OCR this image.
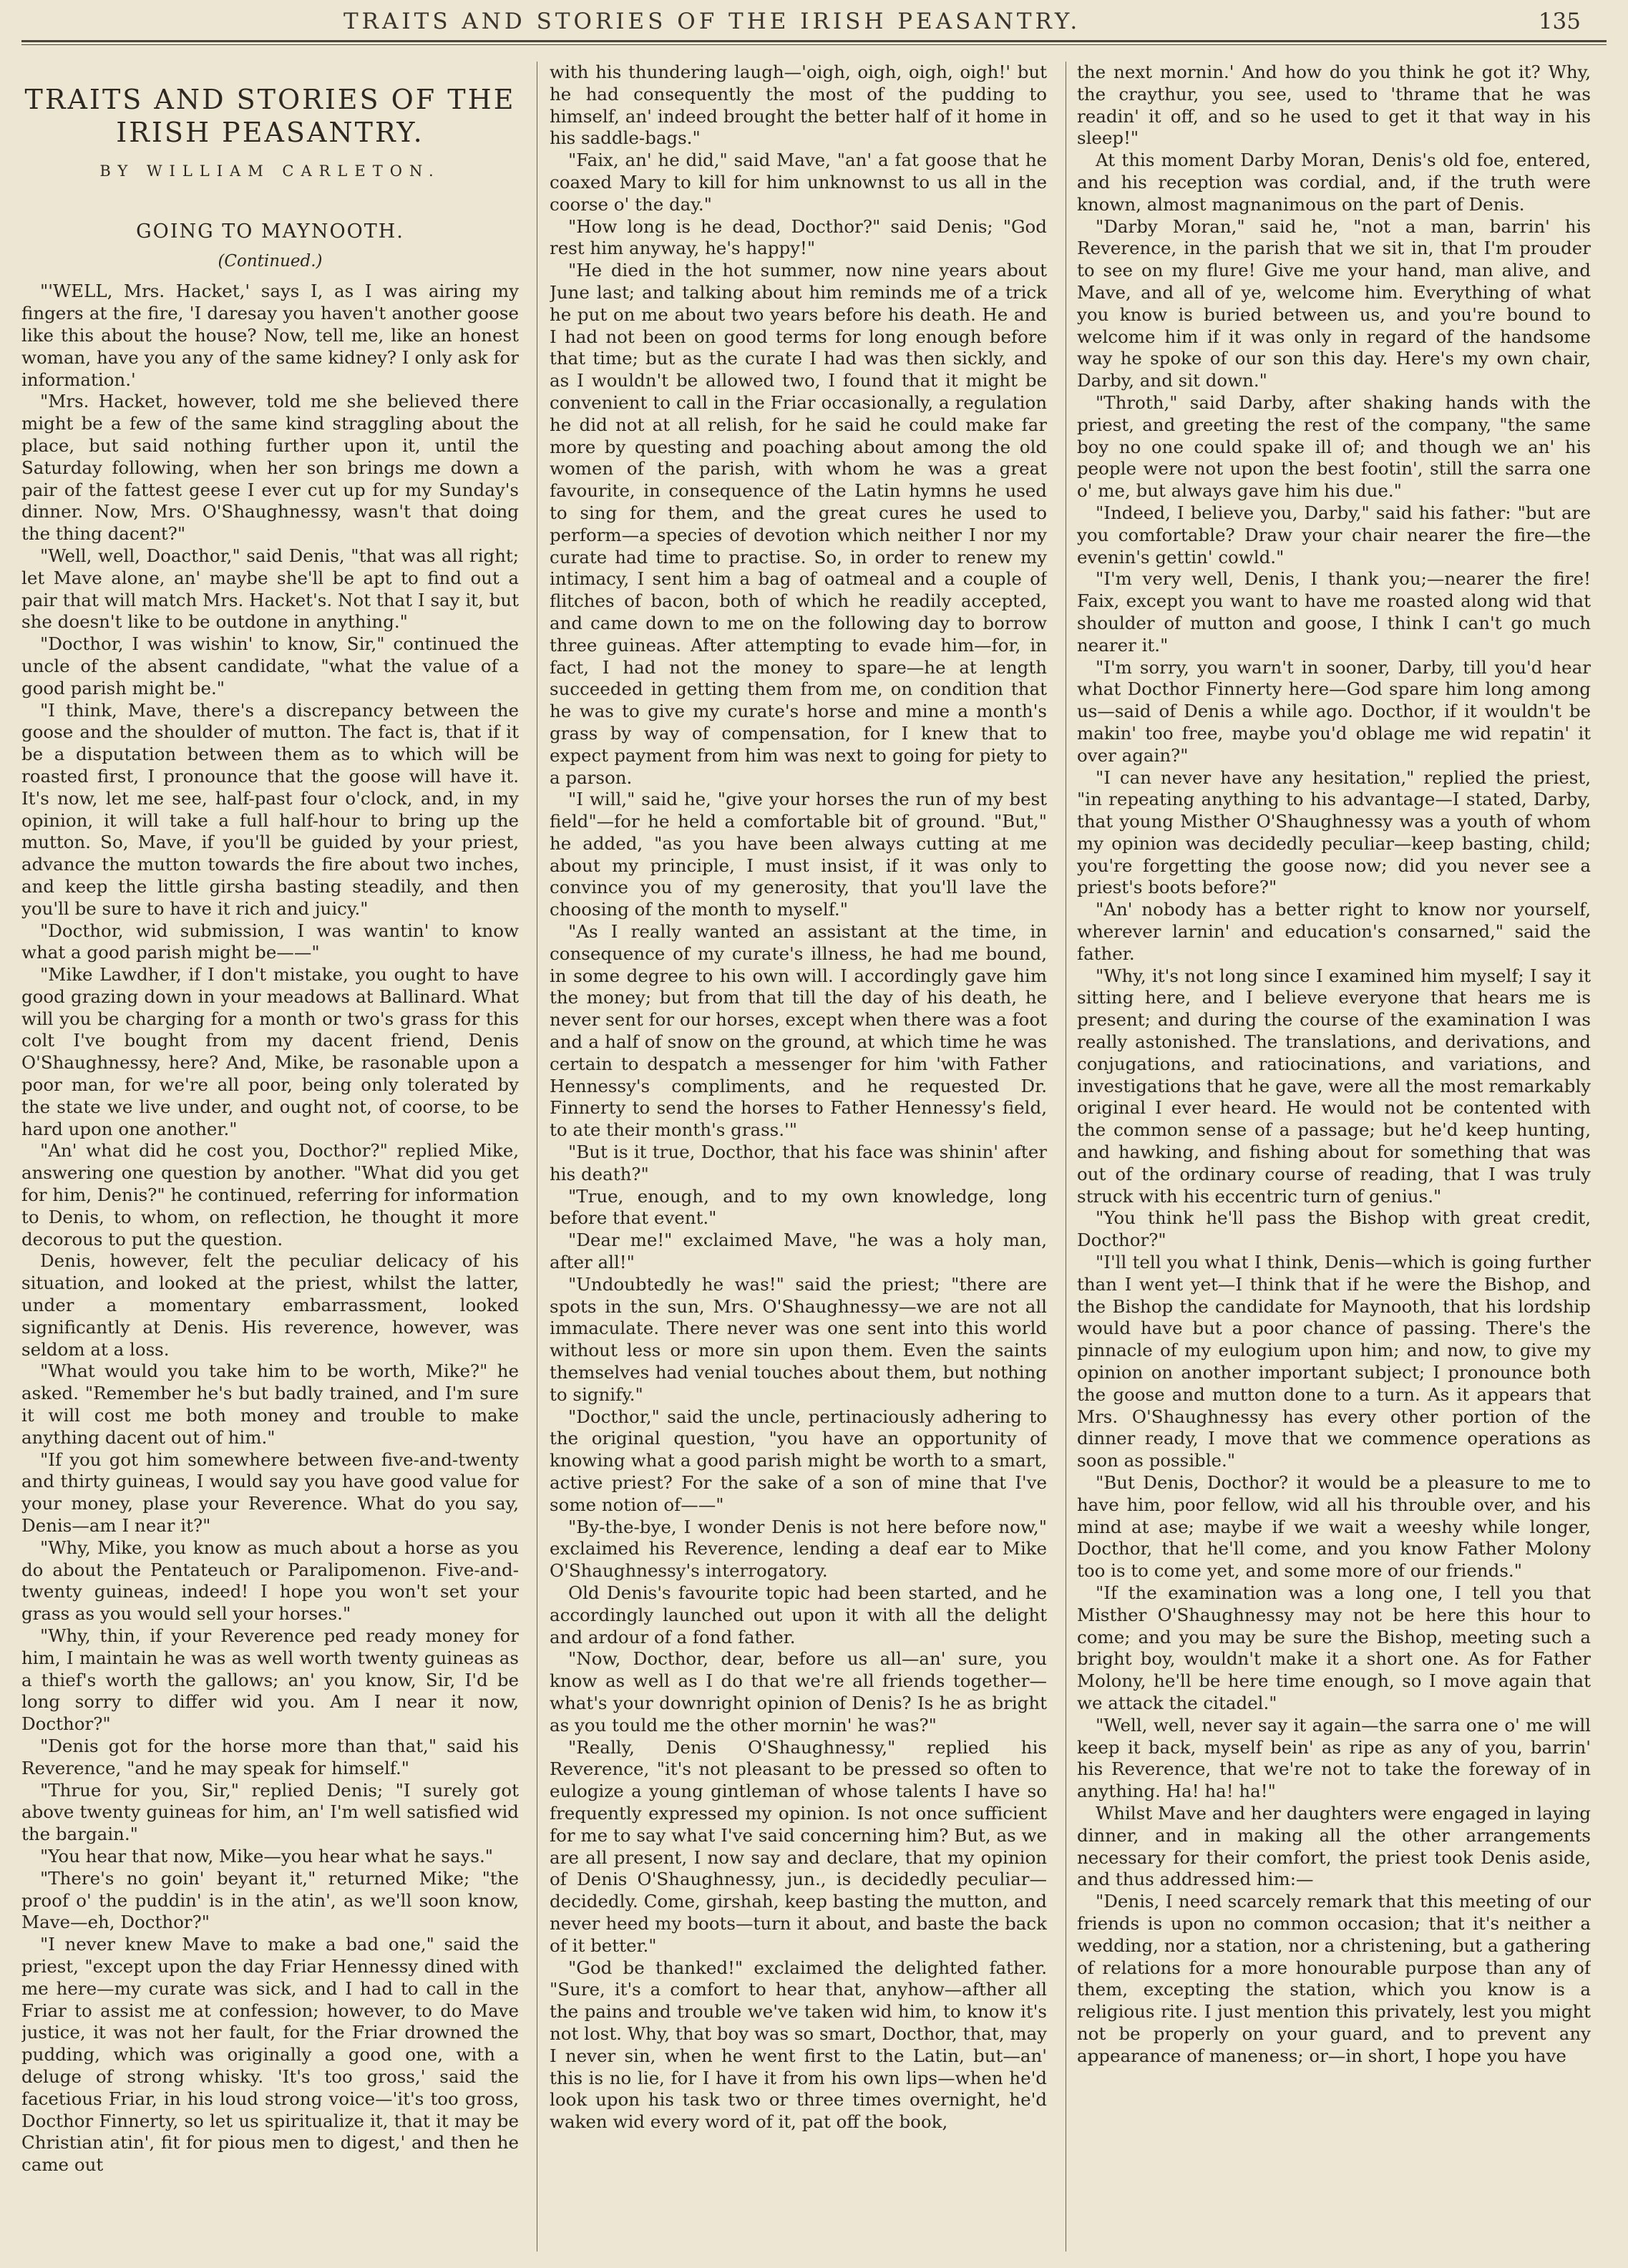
TRAITS AND STORIES OF THE IRISH PEASANTRY.	135
TRAITS AND STORIES OF THE IRISH PEASANTRY.
BY WILLIAM CARLETON.
GOING TO MAYNOOTH.
(Continued.)

"'WELL, Mrs. Hacket,' says I, as I was airing my fingers at the fire, 'I daresay you haven't another goose like this about the house? Now, tell me, like an honest woman, have you any of the same kidney? I only ask for information.'

"Mrs. Hacket, however, told me she believed there might be a few of the same kind straggling about the place, but said nothing further upon it, until the Saturday following, when her son brings me down a pair of the fattest geese I ever cut up for my Sunday's dinner. Now, Mrs. O'Shaughnessy, wasn't that doing the thing dacent?"

"Well, well, Doacthor," said Denis, "that was all right; let Mave alone, an' maybe she'll be apt to find out a pair that will match Mrs. Hacket's. Not that I say it, but she doesn't like to be outdone in anything."

"Docthor, I was wishin' to know, Sir," continued the uncle of the absent candidate, "what the value of a good parish might be."

"I think, Mave, there's a discrepancy between the goose and the shoulder of mutton. The fact is, that if it be a disputation between them as to which will be roasted first, I pronounce that the goose will have it. It's now, let me see, half-past four o'clock, and, in my opinion, it will take a full half-hour to bring up the mutton. So, Mave, if you'll be guided by your priest, advance the mutton towards the fire about two inches, and keep the little girsha basting steadily, and then you'll be sure to have it rich and juicy."

"Docthor, wid submission, I was wantin' to know what a good parish might be——"

"Mike Lawdher, if I don't mistake, you ought to have good grazing down in your meadows at Ballinard. What will you be charging for a month or two's grass for this colt I've bought from my dacent friend, Denis O'Shaughnessy, here? And, Mike, be rasonable upon a poor man, for we're all poor, being only tolerated by the state we live under, and ought not, of coorse, to be hard upon one another."

"An' what did he cost you, Docthor?" replied Mike, answering one question by another. "What did you get for him, Denis?" he continued, referring for information to Denis, to whom, on reflection, he thought it more decorous to put the question.

Denis, however, felt the peculiar delicacy of his situation, and looked at the priest, whilst the latter, under a momentary embarrassment, looked significantly at Denis. His reverence, however, was seldom at a loss.

"What would you take him to be worth, Mike?" he asked. "Remember he's but badly trained, and I'm sure it will cost me both money and trouble to make anything dacent out of him."

"If you got him somewhere between five-and-twenty and thirty guineas, I would say you have good value for your money, plase your Reverence. What do you say, Denis—am I near it?"

"Why, Mike, you know as much about a horse as you do about the Pentateuch or Paralipomenon. Five-and-twenty guineas, indeed! I hope you won't set your grass as you would sell your horses."

"Why, thin, if your Reverence ped ready money for him, I maintain he was as well worth twenty guineas as a thief's worth the gallows; an' you know, Sir, I'd be long sorry to differ wid you. Am I near it now, Docthor?"

"Denis got for the horse more than that," said his Reverence, "and he may speak for himself."

"Thrue for you, Sir," replied Denis; "I surely got above twenty guineas for him, an' I'm well satisfied wid the bargain."

"You hear that now, Mike—you hear what he says."

"There's no goin' beyant it," returned Mike; "the proof o' the puddin' is in the atin', as we'll soon know, Mave—eh, Docthor?"

"I never knew Mave to make a bad one," said the priest, "except upon the day Friar Hennessy dined with me here—my curate was sick, and I had to call in the Friar to assist me at confession; however, to do Mave justice, it was not her fault, for the Friar drowned the pudding, which was originally a good one, with a deluge of strong whisky. 'It's too gross,' said the facetious Friar, in his loud strong voice—'it's too gross, Docthor Finnerty, so let us spiritualize it, that it may be Christian atin', fit for pious men to digest,' and then he came out

with his thundering laugh—'oigh, oigh, oigh, oigh!' but he had consequently the most of the pudding to himself, an' indeed brought the better half of it home in his saddle-bags."

"Faix, an' he did," said Mave, "an' a fat goose that he coaxed Mary to kill for him unknownst to us all in the coorse o' the day."

"How long is he dead, Docthor?" said Denis; "God rest him anyway, he's happy!"

"He died in the hot summer, now nine years about June last; and talking about him reminds me of a trick he put on me about two years before his death. He and I had not been on good terms for long enough before that time; but as the curate I had was then sickly, and as I wouldn't be allowed two, I found that it might be convenient to call in the Friar occasionally, a regulation he did not at all relish, for he said he could make far more by questing and poaching about among the old women of the parish, with whom he was a great favourite, in consequence of the Latin hymns he used to sing for them, and the great cures he used to perform—a species of devotion which neither I nor my curate had time to practise. So, in order to renew my intimacy, I sent him a bag of oatmeal and a couple of flitches of bacon, both of which he readily accepted, and came down to me on the following day to borrow three guineas. After attempting to evade him—for, in fact, I had not the money to spare—he at length succeeded in getting them from me, on condition that he was to give my curate's horse and mine a month's grass by way of compensation, for I knew that to expect payment from him was next to going for piety to a parson.

"I will," said he, "give your horses the run of my best field"—for he held a comfortable bit of ground. "But," he added, "as you have been always cutting at me about my principle, I must insist, if it was only to convince you of my generosity, that you'll lave the choosing of the month to myself."

"As I really wanted an assistant at the time, in consequence of my curate's illness, he had me bound, in some degree to his own will. I accordingly gave him the money; but from that till the day of his death, he never sent for our horses, except when there was a foot and a half of snow on the ground, at which time he was certain to despatch a messenger for him 'with Father Hennessy's compliments, and he requested Dr. Finnerty to send the horses to Father Hennessy's field, to ate their month's grass.'"

"But is it true, Docthor, that his face was shinin' after his death?"

"True, enough, and to my own knowledge, long before that event."

"Dear me!" exclaimed Mave, "he was a holy man, after all!"

"Undoubtedly he was!" said the priest; "there are spots in the sun, Mrs. O'Shaughnessy—we are not all immaculate. There never was one sent into this world without less or more sin upon them. Even the saints themselves had venial touches about them, but nothing to signify."

"Docthor," said the uncle, pertinaciously adhering to the original question, "you have an opportunity of knowing what a good parish might be worth to a smart, active priest? For the sake of a son of mine that I've some notion of——"

"By-the-bye, I wonder Denis is not here before now," exclaimed his Reverence, lending a deaf ear to Mike O'Shaughnessy's interrogatory.

Old Denis's favourite topic had been started, and he accordingly launched out upon it with all the delight and ardour of a fond father.

"Now, Docthor, dear, before us all—an' sure, you know as well as I do that we're all friends together—what's your downright opinion of Denis? Is he as bright as you tould me the other mornin' he was?"

"Really, Denis O'Shaughnessy," replied his Reverence, "it's not pleasant to be pressed so often to eulogize a young gintleman of whose talents I have so frequently expressed my opinion. Is not once sufficient for me to say what I've said concerning him? But, as we are all present, I now say and declare, that my opinion of Denis O'Shaughnessy, jun., is decidedly peculiar—decidedly. Come, girshah, keep basting the mutton, and never heed my boots—turn it about, and baste the back of it better."

"God be thanked!" exclaimed the delighted father. "Sure, it's a comfort to hear that, anyhow—afther all the pains and trouble we've taken wid him, to know it's not lost. Why, that boy was so smart, Docthor, that, may I never sin, when he went first to the Latin, but—an' this is no lie, for I have it from his own lips—when he'd look upon his task two or three times overnight, he'd waken wid every word of it, pat off the book,

the next mornin.' And how do you think he got it? Why, the craythur, you see, used to 'thrame that he was readin' it off, and so he used to get it that way in his sleep!"

At this moment Darby Moran, Denis's old foe, entered, and his reception was cordial, and, if the truth were known, almost magnanimous on the part of Denis.

"Darby Moran," said he, "not a man, barrin' his Reverence, in the parish that we sit in, that I'm prouder to see on my flure! Give me your hand, man alive, and Mave, and all of ye, welcome him. Everything of what you know is buried between us, and you're bound to welcome him if it was only in regard of the handsome way he spoke of our son this day. Here's my own chair, Darby, and sit down."

"Throth," said Darby, after shaking hands with the priest, and greeting the rest of the company, "the same boy no one could spake ill of; and though we an' his people were not upon the best footin', still the sarra one o' me, but always gave him his due."

"Indeed, I believe you, Darby," said his father: "but are you comfortable? Draw your chair nearer the fire—the evenin's gettin' cowld."

"I'm very well, Denis, I thank you;—nearer the fire! Faix, except you want to have me roasted along wid that shoulder of mutton and goose, I think I can't go much nearer it."

"I'm sorry, you warn't in sooner, Darby, till you'd hear what Docthor Finnerty here—God spare him long among us—said of Denis a while ago. Docthor, if it wouldn't be makin' too free, maybe you'd oblage me wid repatin' it over again?"

"I can never have any hesitation," replied the priest, "in repeating anything to his advantage—I stated, Darby, that young Misther O'Shaughnessy was a youth of whom my opinion was decidedly peculiar—keep basting, child; you're forgetting the goose now; did you never see a priest's boots before?"

"An' nobody has a better right to know nor yourself, wherever larnin' and education's consarned," said the father.

"Why, it's not long since I examined him myself; I say it sitting here, and I believe everyone that hears me is present; and during the course of the examination I was really astonished. The translations, and derivations, and conjugations, and ratiocinations, and variations, and investigations that he gave, were all the most remarkably original I ever heard. He would not be contented with the common sense of a passage; but he'd keep hunting, and hawking, and fishing about for something that was out of the ordinary course of reading, that I was truly struck with his eccentric turn of genius."

"You think he'll pass the Bishop with great credit, Docthor?"

"I'll tell you what I think, Denis—which is going further than I went yet—I think that if he were the Bishop, and the Bishop the candidate for Maynooth, that his lordship would have but a poor chance of passing. There's the pinnacle of my eulogium upon him; and now, to give my opinion on another important subject; I pronounce both the goose and mutton done to a turn. As it appears that Mrs. O'Shaughnessy has every other portion of the dinner ready, I move that we commence operations as soon as possible."

"But Denis, Docthor? it would be a pleasure to me to have him, poor fellow, wid all his throuble over, and his mind at ase; maybe if we wait a weeshy while longer, Docthor, that he'll come, and you know Father Molony too is to come yet, and some more of our friends."

"If the examination was a long one, I tell you that Misther O'Shaughnessy may not be here this hour to come; and you may be sure the Bishop, meeting such a bright boy, wouldn't make it a short one. As for Father Molony, he'll be here time enough, so I move again that we attack the citadel."

"Well, well, never say it again—the sarra one o' me will keep it back, myself bein' as ripe as any of you, barrin' his Reverence, that we're not to take the foreway of in anything. Ha! ha! ha!"

Whilst Mave and her daughters were engaged in laying dinner, and in making all the other arrangements necessary for their comfort, the priest took Denis aside, and thus addressed him:—

"Denis, I need scarcely remark that this meeting of our friends is upon no common occasion; that it's neither a wedding, nor a station, nor a christening, but a gathering of relations for a more honourable purpose than any of them, excepting the station, which you know is a religious rite. I just mention this privately, lest you might not be properly on your guard, and to prevent any appearance of maneness; or—in short, I hope you have
